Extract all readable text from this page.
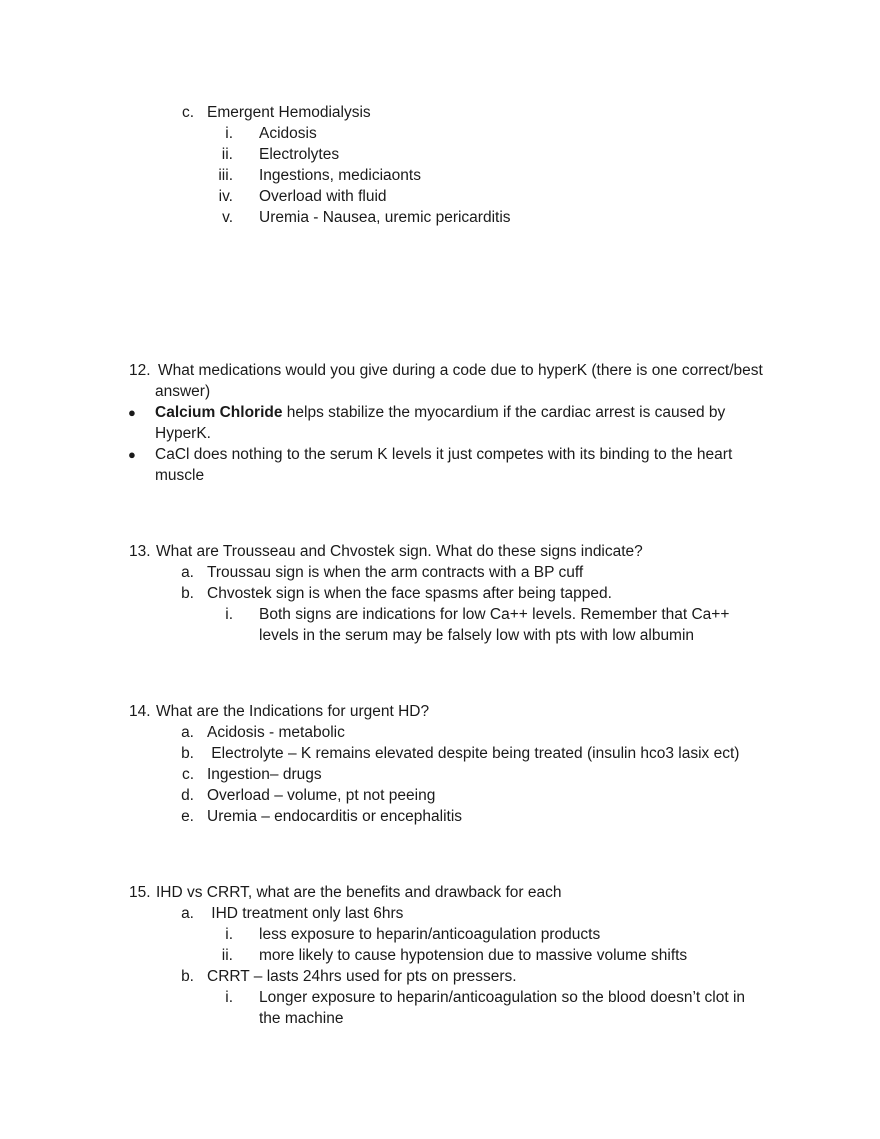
c. Emergent Hemodialysis
i. Acidosis
ii. Electrolytes
iii. Ingestions, mediciaonts
iv. Overload with fluid
v. Uremia - Nausea, uremic pericarditis
12. What medications would you give during a code due to hyperK (there is one correct/best
answer)
● Calcium Chloride helps stabilize the myocardium if the cardiac arrest is caused by
HyperK.
● CaCl does nothing to the serum K levels it just competes with its binding to the heart
muscle
13. What are Trousseau and Chvostek sign. What do these signs indicate?
a. Troussau sign is when the arm contracts with a BP cuff
b. Chvostek sign is when the face spasms after being tapped.
i. Both signs are indications for low Ca++ levels. Remember that Ca++
levels in the serum may be falsely low with pts with low albumin
14. What are the Indications for urgent HD?
a. Acidosis - metabolic
b. Electrolyte – K remains elevated despite being treated (insulin hco3 lasix ect)
c. Ingestion– drugs
d. Overload – volume, pt not peeing
e. Uremia – endocarditis or encephalitis
15. IHD vs CRRT, what are the benefits and drawback for each
a. IHD treatment only last 6hrs
i. less exposure to heparin/anticoagulation products
ii. more likely to cause hypotension due to massive volume shifts
b. CRRT – lasts 24hrs used for pts on pressers.
i. Longer exposure to heparin/anticoagulation so the blood doesn’t clot in
the machine
